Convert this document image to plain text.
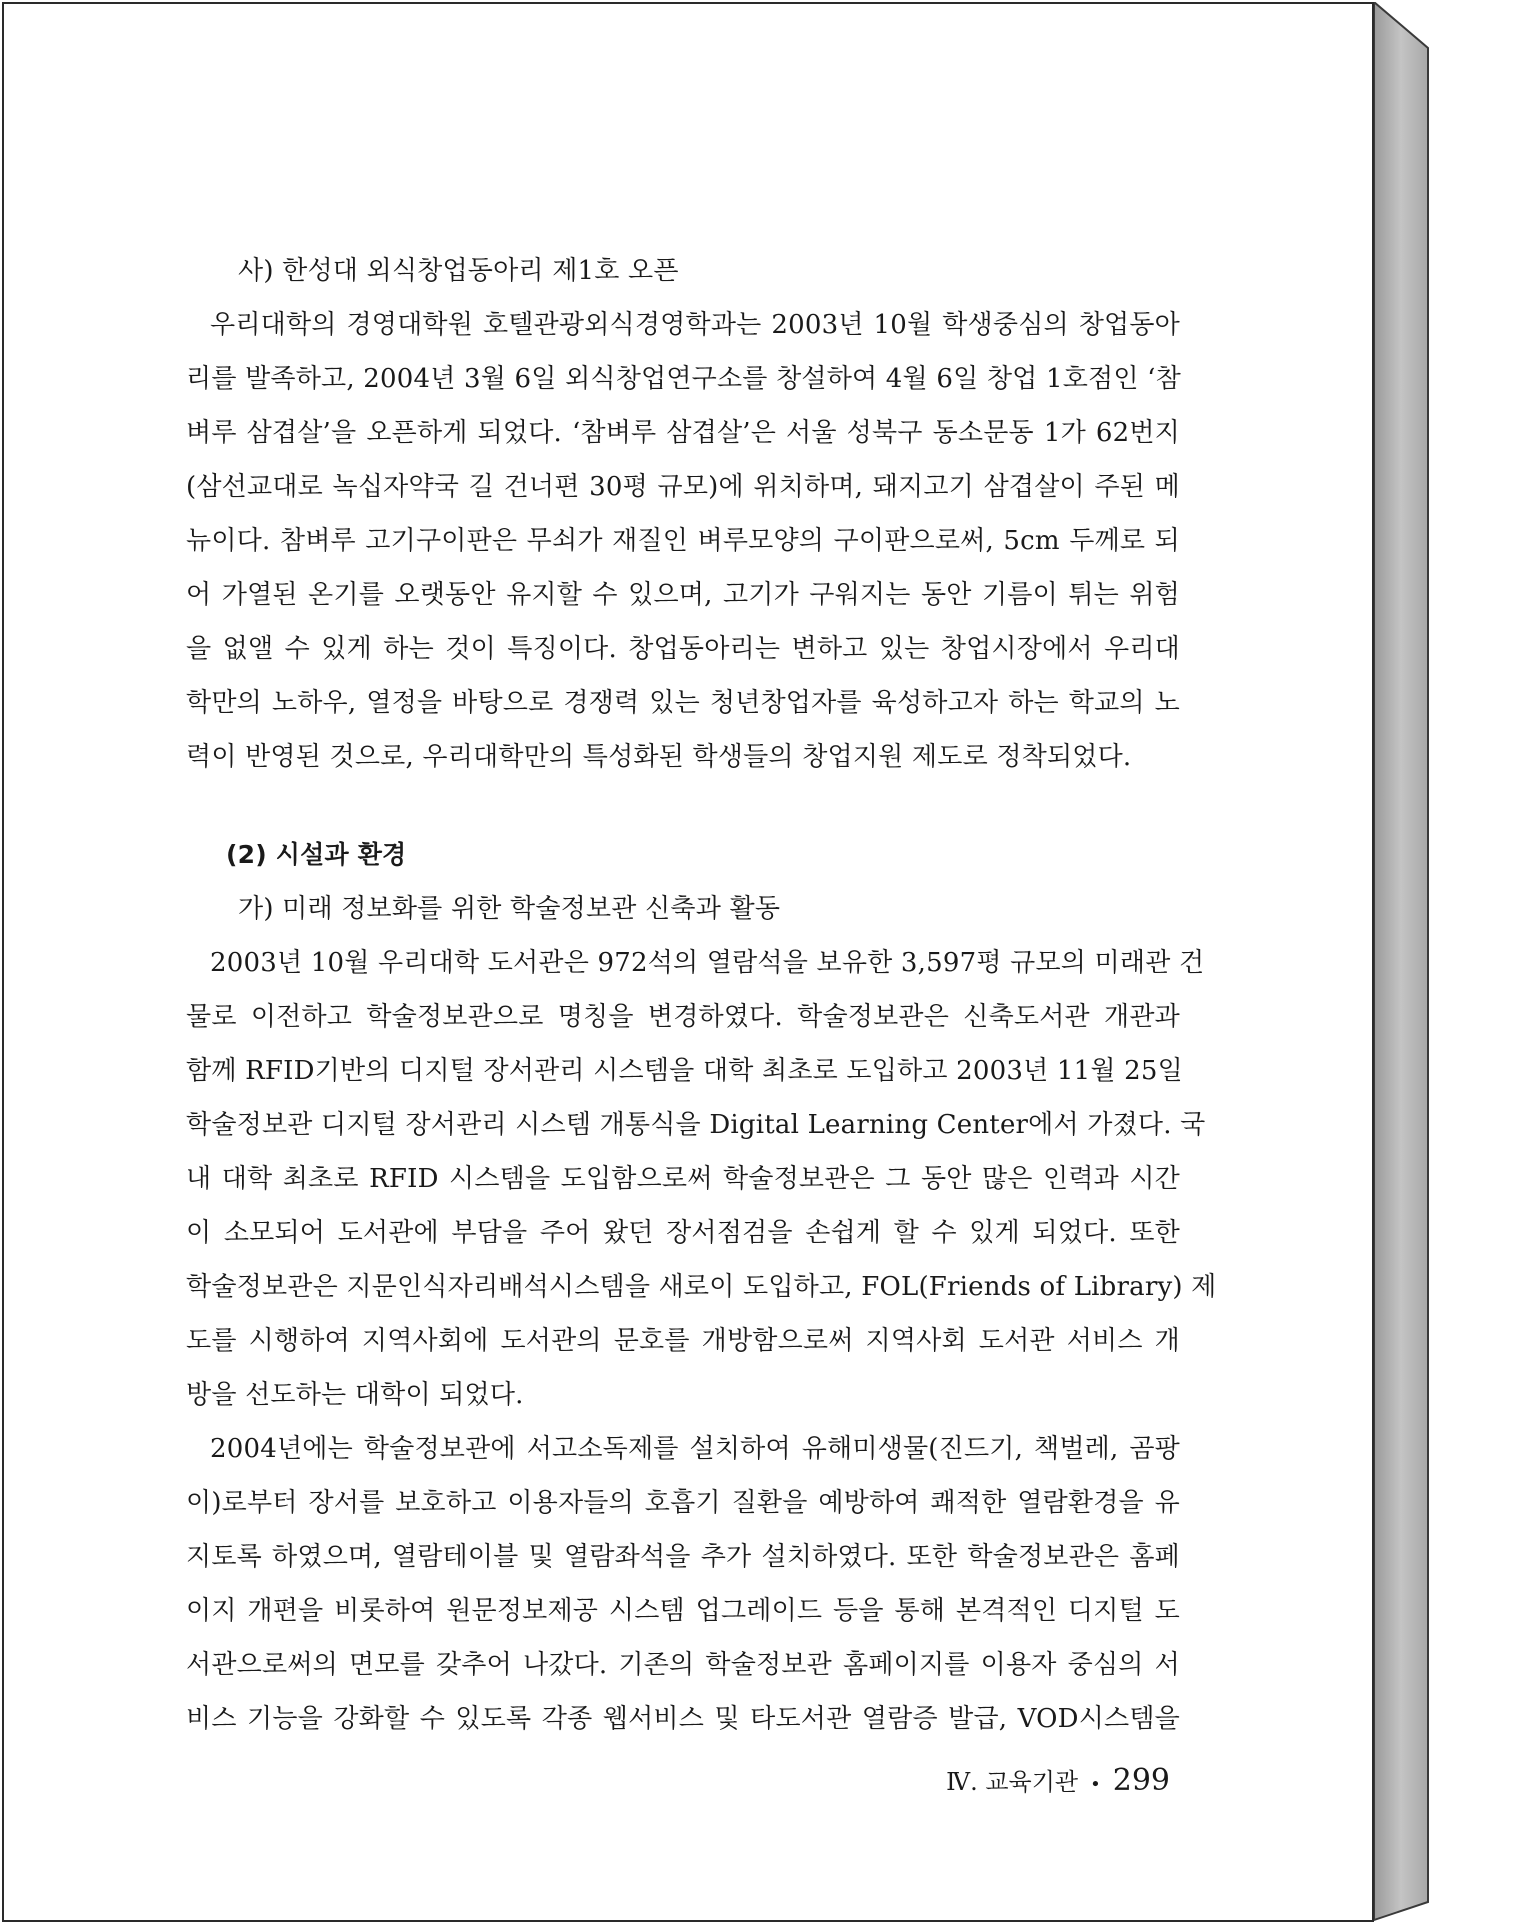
사) 한성대 외식창업동아리 제1호 오픈
우리대학의 경영대학원 호텔관광외식경영학과는 2003년 10월 학생중심의 창업동아
리를 발족하고, 2004년 3월 6일 외식창업연구소를 창설하여 4월 6일 창업 1호점인 ‘참
벼루 삼겹살’을 오픈하게 되었다. ‘참벼루 삼겹살’은 서울 성북구 동소문동 1가 62번지
(삼선교대로 녹십자약국 길 건너편 30평 규모)에 위치하며, 돼지고기 삼겹살이 주된 메
뉴이다. 참벼루 고기구이판은 무쇠가 재질인 벼루모양의 구이판으로써, 5cm 두께로 되
어 가열된 온기를 오랫동안 유지할 수 있으며, 고기가 구워지는 동안 기름이 튀는 위험
을 없앨 수 있게 하는 것이 특징이다. 창업동아리는 변하고 있는 창업시장에서 우리대
학만의 노하우, 열정을 바탕으로 경쟁력 있는 청년창업자를 육성하고자 하는 학교의 노
력이 반영된 것으로, 우리대학만의 특성화된 학생들의 창업지원 제도로 정착되었다.
(2) 시설과 환경
가) 미래 정보화를 위한 학술정보관 신축과 활동
2003년 10월 우리대학 도서관은 972석의 열람석을 보유한 3,597평 규모의 미래관 건
물로 이전하고 학술정보관으로 명칭을 변경하였다. 학술정보관은 신축도서관 개관과
함께 RFID기반의 디지털 장서관리 시스템을 대학 최초로 도입하고 2003년 11월 25일
학술정보관 디지털 장서관리 시스템 개통식을 Digital Learning Center에서 가졌다. 국
내 대학 최초로 RFID 시스템을 도입함으로써 학술정보관은 그 동안 많은 인력과 시간
이 소모되어 도서관에 부담을 주어 왔던 장서점검을 손쉽게 할 수 있게 되었다. 또한
학술정보관은 지문인식자리배석시스템을 새로이 도입하고, FOL(Friends of Library) 제
도를 시행하여 지역사회에 도서관의 문호를 개방함으로써 지역사회 도서관 서비스 개
방을 선도하는 대학이 되었다.
2004년에는 학술정보관에 서고소독제를 설치하여 유해미생물(진드기, 책벌레, 곰팡
이)로부터 장서를 보호하고 이용자들의 호흡기 질환을 예방하여 쾌적한 열람환경을 유
지토록 하였으며, 열람테이블 및 열람좌석을 추가 설치하였다. 또한 학술정보관은 홈페
이지 개편을 비롯하여 원문정보제공 시스템 업그레이드 등을 통해 본격적인 디지털 도
서관으로써의 면모를 갖추어 나갔다. 기존의 학술정보관 홈페이지를 이용자 중심의 서
비스 기능을 강화할 수 있도록 각종 웹서비스 및 타도서관 열람증 발급, VOD시스템을
Ⅳ. 교육기관 • 299
